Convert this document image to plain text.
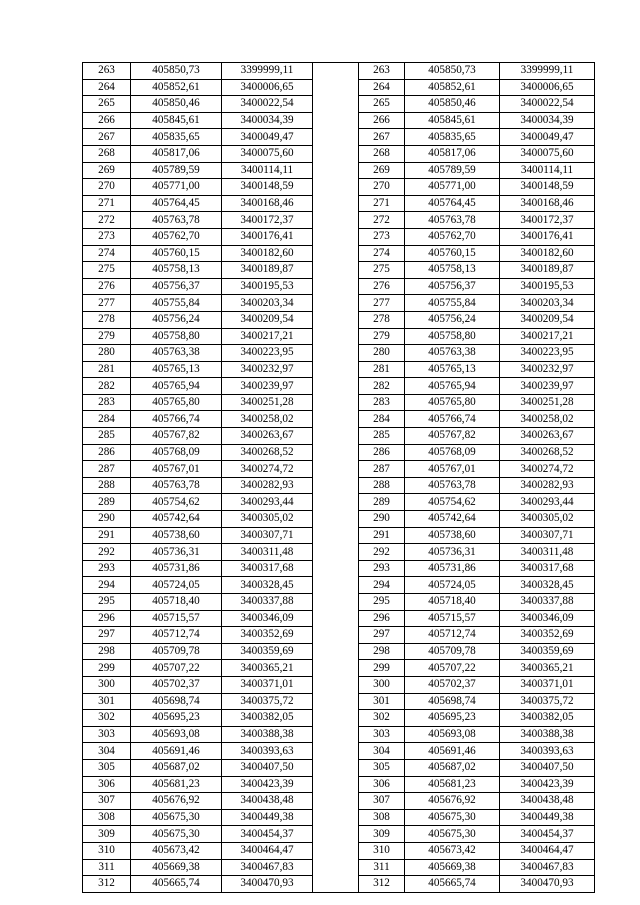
263	405850,73	3399999,11		263	405850,73	3399999,11
264	405852,61	3400006,65		264	405852,61	3400006,65
265	405850,46	3400022,54		265	405850,46	3400022,54
266	405845,61	3400034,39		266	405845,61	3400034,39
267	405835,65	3400049,47		267	405835,65	3400049,47
268	405817,06	3400075,60		268	405817,06	3400075,60
269	405789,59	3400114,11		269	405789,59	3400114,11
270	405771,00	3400148,59		270	405771,00	3400148,59
271	405764,45	3400168,46		271	405764,45	3400168,46
272	405763,78	3400172,37		272	405763,78	3400172,37
273	405762,70	3400176,41		273	405762,70	3400176,41
274	405760,15	3400182,60		274	405760,15	3400182,60
275	405758,13	3400189,87		275	405758,13	3400189,87
276	405756,37	3400195,53		276	405756,37	3400195,53
277	405755,84	3400203,34		277	405755,84	3400203,34
278	405756,24	3400209,54		278	405756,24	3400209,54
279	405758,80	3400217,21		279	405758,80	3400217,21
280	405763,38	3400223,95		280	405763,38	3400223,95
281	405765,13	3400232,97		281	405765,13	3400232,97
282	405765,94	3400239,97		282	405765,94	3400239,97
283	405765,80	3400251,28		283	405765,80	3400251,28
284	405766,74	3400258,02		284	405766,74	3400258,02
285	405767,82	3400263,67		285	405767,82	3400263,67
286	405768,09	3400268,52		286	405768,09	3400268,52
287	405767,01	3400274,72		287	405767,01	3400274,72
288	405763,78	3400282,93		288	405763,78	3400282,93
289	405754,62	3400293,44		289	405754,62	3400293,44
290	405742,64	3400305,02		290	405742,64	3400305,02
291	405738,60	3400307,71		291	405738,60	3400307,71
292	405736,31	3400311,48		292	405736,31	3400311,48
293	405731,86	3400317,68		293	405731,86	3400317,68
294	405724,05	3400328,45		294	405724,05	3400328,45
295	405718,40	3400337,88		295	405718,40	3400337,88
296	405715,57	3400346,09		296	405715,57	3400346,09
297	405712,74	3400352,69		297	405712,74	3400352,69
298	405709,78	3400359,69		298	405709,78	3400359,69
299	405707,22	3400365,21		299	405707,22	3400365,21
300	405702,37	3400371,01		300	405702,37	3400371,01
301	405698,74	3400375,72		301	405698,74	3400375,72
302	405695,23	3400382,05		302	405695,23	3400382,05
303	405693,08	3400388,38		303	405693,08	3400388,38
304	405691,46	3400393,63		304	405691,46	3400393,63
305	405687,02	3400407,50		305	405687,02	3400407,50
306	405681,23	3400423,39		306	405681,23	3400423,39
307	405676,92	3400438,48		307	405676,92	3400438,48
308	405675,30	3400449,38		308	405675,30	3400449,38
309	405675,30	3400454,37		309	405675,30	3400454,37
310	405673,42	3400464,47		310	405673,42	3400464,47
311	405669,38	3400467,83		311	405669,38	3400467,83
312	405665,74	3400470,93		312	405665,74	3400470,93
